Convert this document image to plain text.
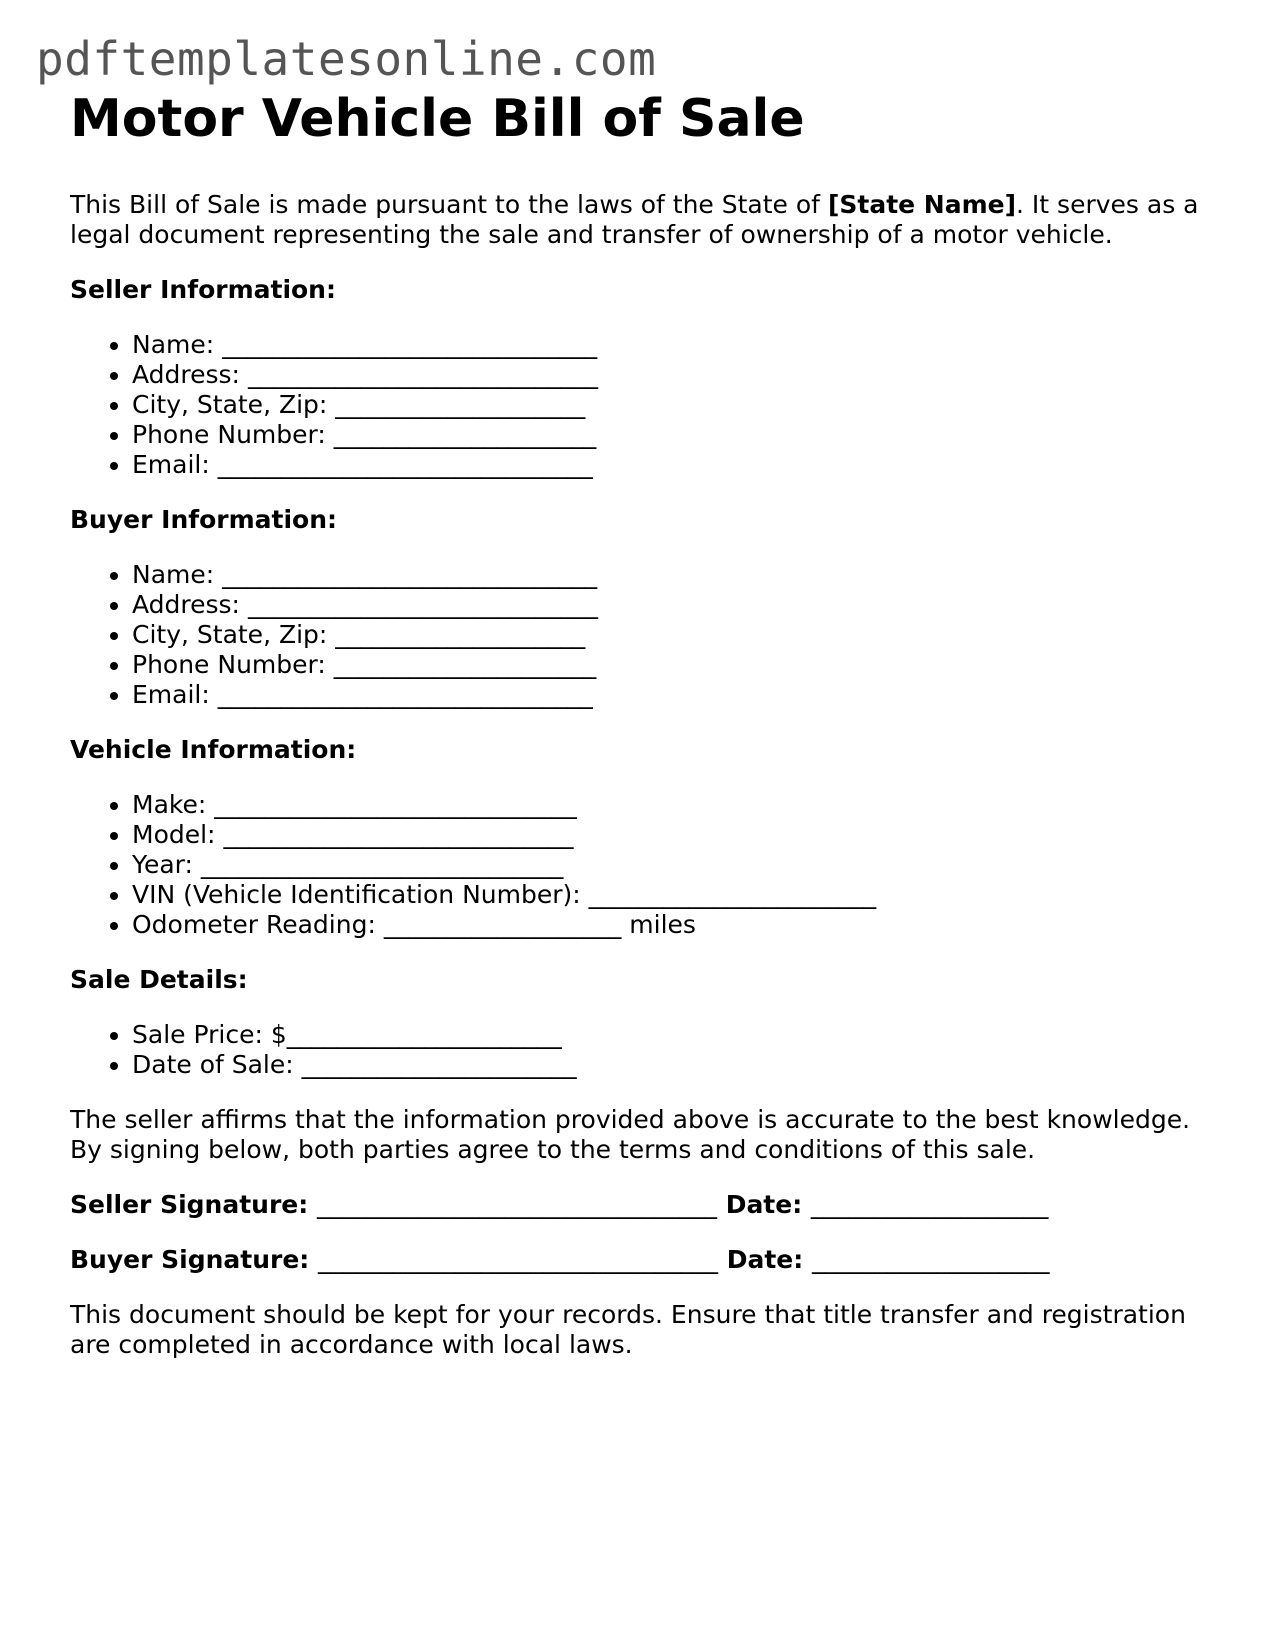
pdftemplatesonline.com
Motor Vehicle Bill of Sale

This Bill of Sale is made pursuant to the laws of the State of [State Name]. It serves as a legal document representing the sale and transfer of ownership of a motor vehicle.

Seller Information:
• Name: ______________________________
• Address: ____________________________
• City, State, Zip: ____________________
• Phone Number: _____________________
• Email: ______________________________
Buyer Information:
• Name: ______________________________
• Address: ____________________________
• City, State, Zip: ____________________
• Phone Number: _____________________
• Email: ______________________________
Vehicle Information:
• Make: _____________________________
• Model: ____________________________
• Year: _____________________________
• VIN (Vehicle Identification Number): _______________________
• Odometer Reading: ___________________ miles
Sale Details:
• Sale Price: $______________________
• Date of Sale: ______________________

The seller affirms that the information provided above is accurate to the best knowledge. By signing below, both parties agree to the terms and conditions of this sale.

Seller Signature: ________________________________ Date: ___________________
Buyer Signature: ________________________________ Date: ___________________

This document should be kept for your records. Ensure that title transfer and registration are completed in accordance with local laws.
